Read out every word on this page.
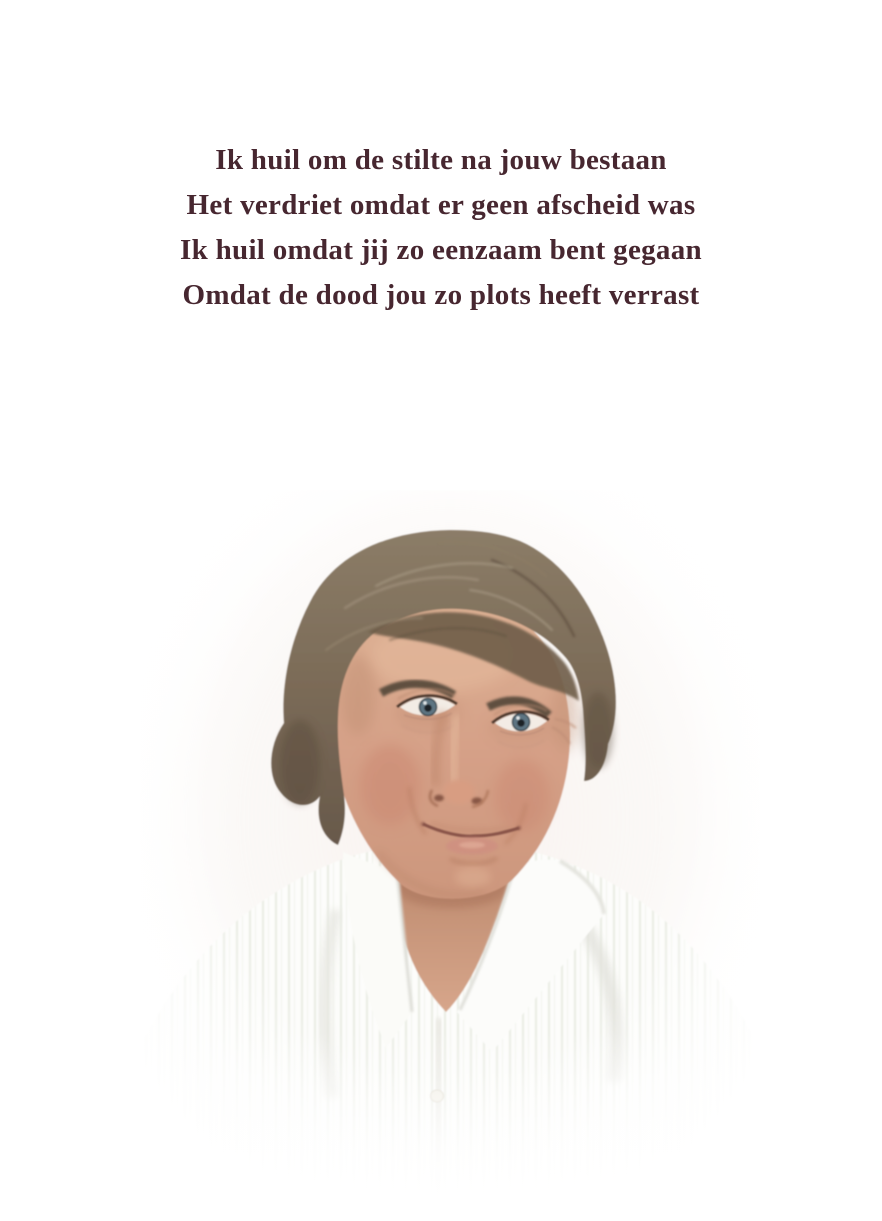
Ik huil om de stilte na jouw bestaan
Het verdriet omdat er geen afscheid was
Ik huil omdat jij zo eenzaam bent gegaan
Omdat de dood jou zo plots heeft verrast
